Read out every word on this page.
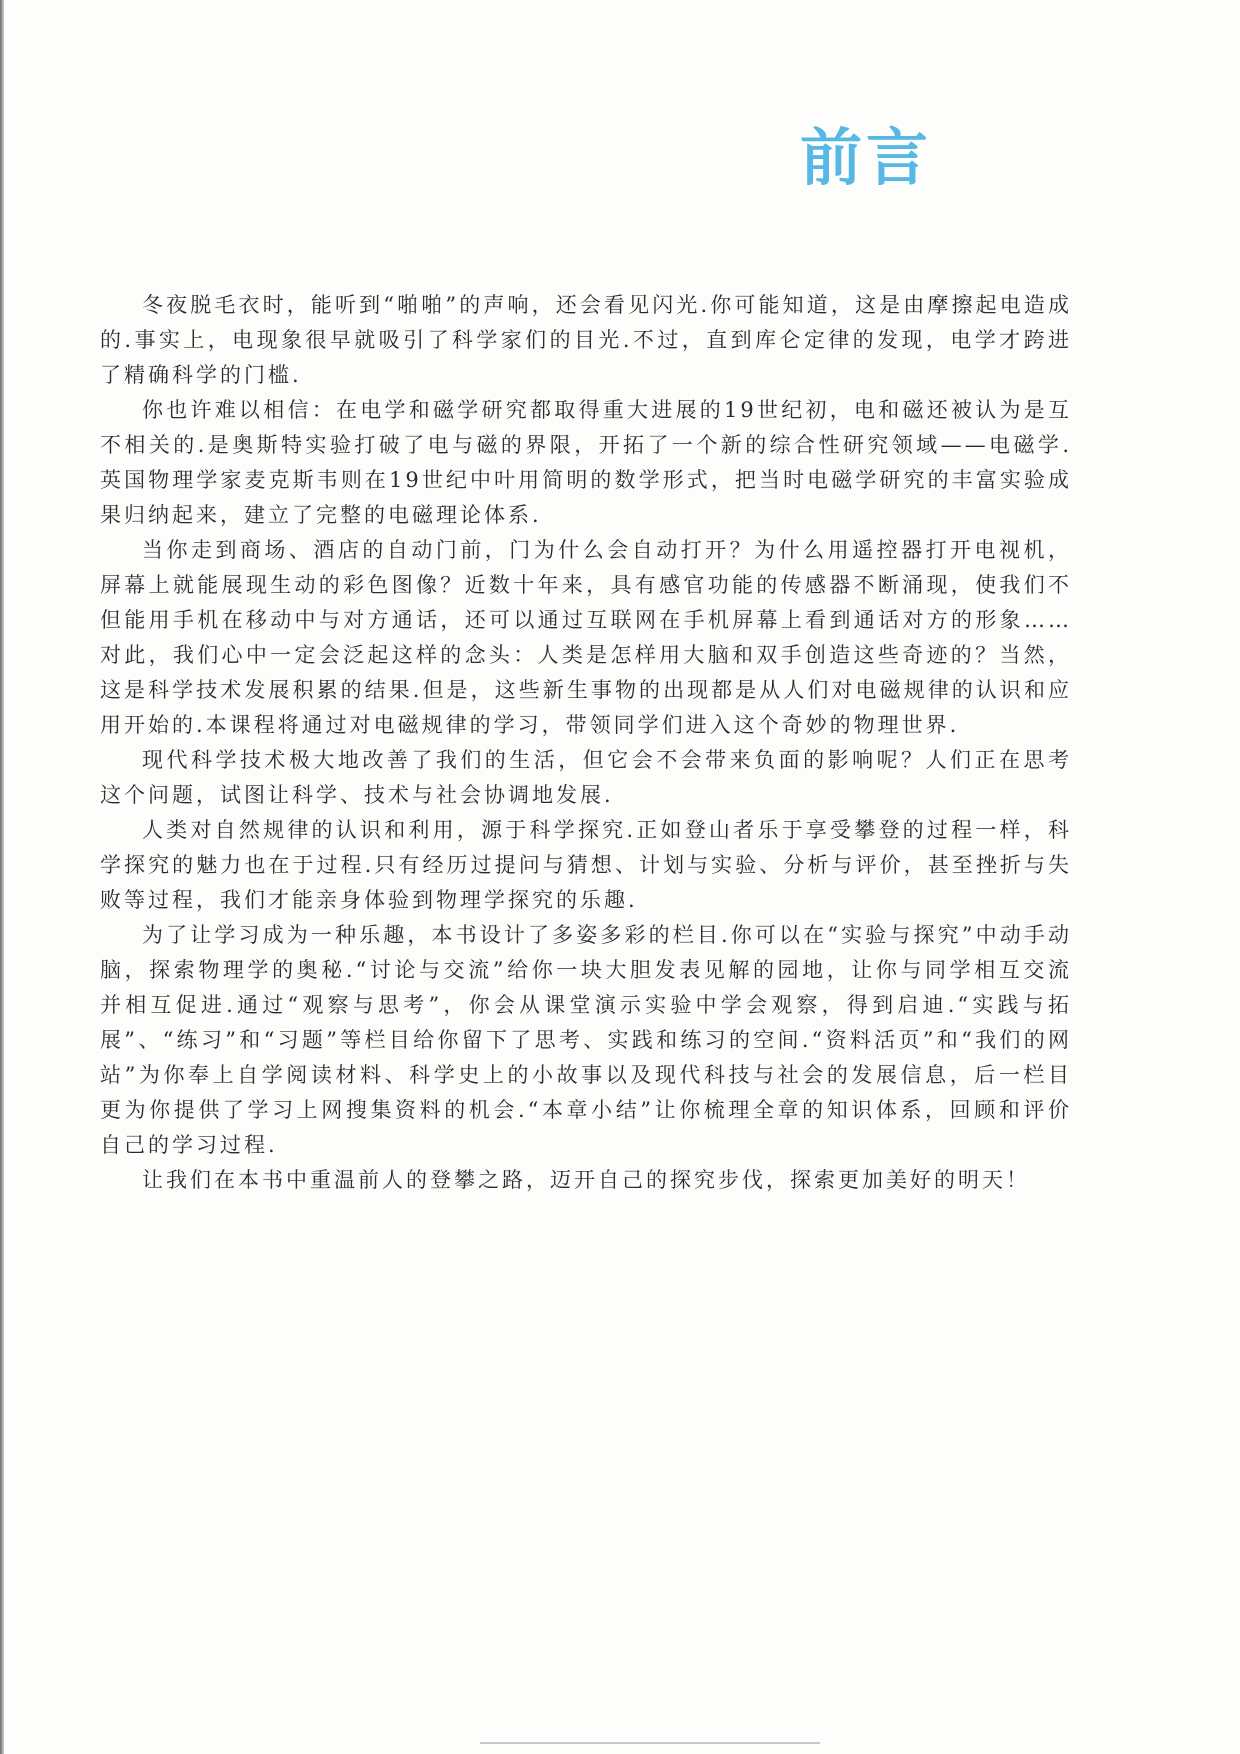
前言

冬夜脱毛衣时，能听到“啪啪”的声响，还会看见闪光.你可能知道，这是由摩擦起电造成的.事实上，电现象很早就吸引了科学家们的目光.不过，直到库仑定律的发现，电学才跨进了精确科学的门槛.

你也许难以相信：在电学和磁学研究都取得重大进展的19世纪初，电和磁还被认为是互不相关的.是奥斯特实验打破了电与磁的界限，开拓了一个新的综合性研究领域——电磁学.英国物理学家麦克斯韦则在19世纪中叶用简明的数学形式，把当时电磁学研究的丰富实验成果归纳起来，建立了完整的电磁理论体系.

当你走到商场、酒店的自动门前，门为什么会自动打开？为什么用遥控器打开电视机，屏幕上就能展现生动的彩色图像？近数十年来，具有感官功能的传感器不断涌现，使我们不但能用手机在移动中与对方通话，还可以通过互联网在手机屏幕上看到通话对方的形象……对此，我们心中一定会泛起这样的念头：人类是怎样用大脑和双手创造这些奇迹的？当然，这是科学技术发展积累的结果.但是，这些新生事物的出现都是从人们对电磁规律的认识和应用开始的.本课程将通过对电磁规律的学习，带领同学们进入这个奇妙的物理世界.

现代科学技术极大地改善了我们的生活，但它会不会带来负面的影响呢？人们正在思考这个问题，试图让科学、技术与社会协调地发展.

人类对自然规律的认识和利用，源于科学探究.正如登山者乐于享受攀登的过程一样，科学探究的魅力也在于过程.只有经历过提问与猜想、计划与实验、分析与评价，甚至挫折与失败等过程，我们才能亲身体验到物理学探究的乐趣.

为了让学习成为一种乐趣，本书设计了多姿多彩的栏目.你可以在“实验与探究”中动手动脑，探索物理学的奥秘.“讨论与交流”给你一块大胆发表见解的园地，让你与同学相互交流并相互促进.通过“观察与思考”，你会从课堂演示实验中学会观察，得到启迪.“实践与拓展”、“练习”和“习题”等栏目给你留下了思考、实践和练习的空间.“资料活页”和“我们的网站”为你奉上自学阅读材料、科学史上的小故事以及现代科技与社会的发展信息，后一栏目更为你提供了学习上网搜集资料的机会.“本章小结”让你梳理全章的知识体系，回顾和评价自己的学习过程.

让我们在本书中重温前人的登攀之路，迈开自己的探究步伐，探索更加美好的明天！
